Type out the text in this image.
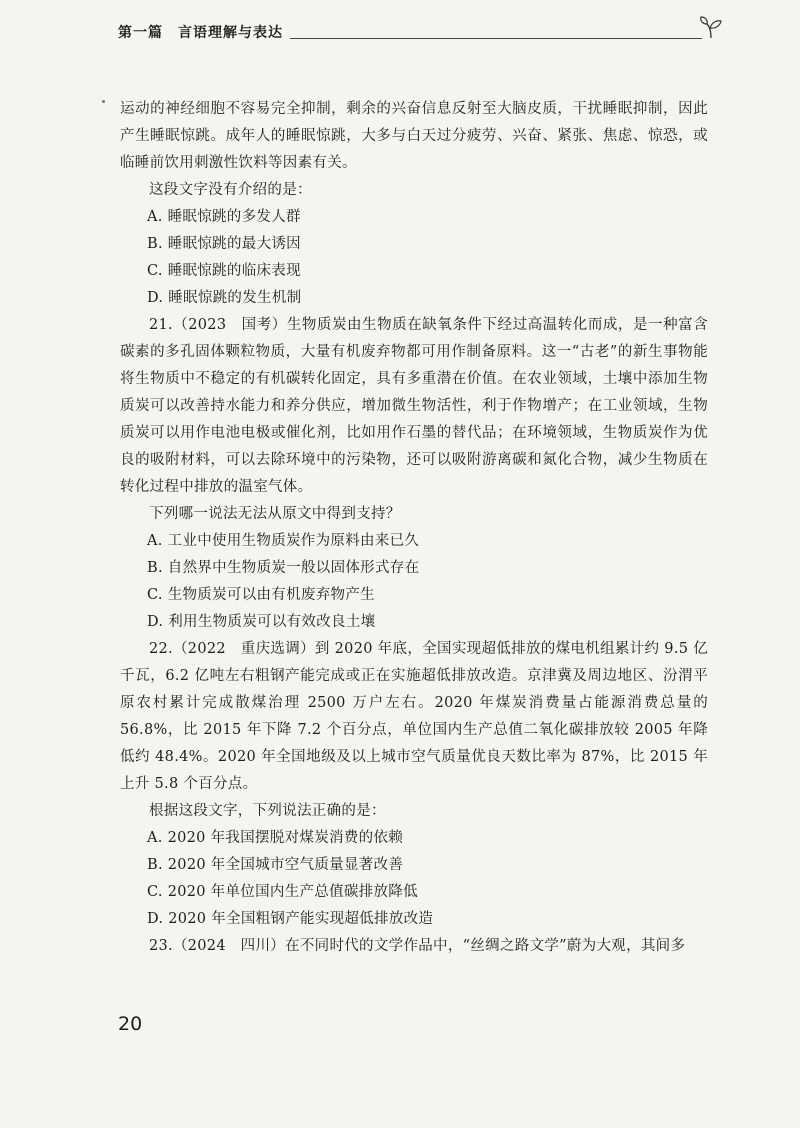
第一篇　言语理解与表达

运动的神经细胞不容易完全抑制，剩余的兴奋信息反射至大脑皮质，干扰睡眠抑制，因此产生睡眠惊跳。成年人的睡眠惊跳，大多与白天过分疲劳、兴奋、紧张、焦虑、惊恐，或临睡前饮用刺激性饮料等因素有关。

这段文字没有介绍的是：

A. 睡眠惊跳的多发人群

B. 睡眠惊跳的最大诱因

C. 睡眠惊跳的临床表现

D. 睡眠惊跳的发生机制

21.（2023　国考）生物质炭由生物质在缺氧条件下经过高温转化而成，是一种富含碳素的多孔固体颗粒物质，大量有机废弃物都可用作制备原料。这一“古老”的新生事物能将生物质中不稳定的有机碳转化固定，具有多重潜在价值。在农业领域，土壤中添加生物质炭可以改善持水能力和养分供应，增加微生物活性，利于作物增产；在工业领域，生物质炭可以用作电池电极或催化剂，比如用作石墨的替代品；在环境领域，生物质炭作为优良的吸附材料，可以去除环境中的污染物，还可以吸附游离碳和氮化合物，减少生物质在转化过程中排放的温室气体。

下列哪一说法无法从原文中得到支持？

A. 工业中使用生物质炭作为原料由来已久

B. 自然界中生物质炭一般以固体形式存在

C. 生物质炭可以由有机废弃物产生

D. 利用生物质炭可以有效改良土壤

22.（2022　重庆选调）到 2020 年底，全国实现超低排放的煤电机组累计约 9.5 亿千瓦，6.2 亿吨左右粗钢产能完成或正在实施超低排放改造。京津冀及周边地区、汾渭平原农村累计完成散煤治理 2500 万户左右。2020 年煤炭消费量占能源消费总量的 56.8%，比 2015 年下降 7.2 个百分点，单位国内生产总值二氧化碳排放较 2005 年降低约 48.4%。2020 年全国地级及以上城市空气质量优良天数比率为 87%，比 2015 年上升 5.8 个百分点。

根据这段文字，下列说法正确的是：

A. 2020 年我国摆脱对煤炭消费的依赖

B. 2020 年全国城市空气质量显著改善

C. 2020 年单位国内生产总值碳排放降低

D. 2020 年全国粗钢产能实现超低排放改造

23.（2024　四川）在不同时代的文学作品中，“丝绸之路文学”蔚为大观，其间多

20
